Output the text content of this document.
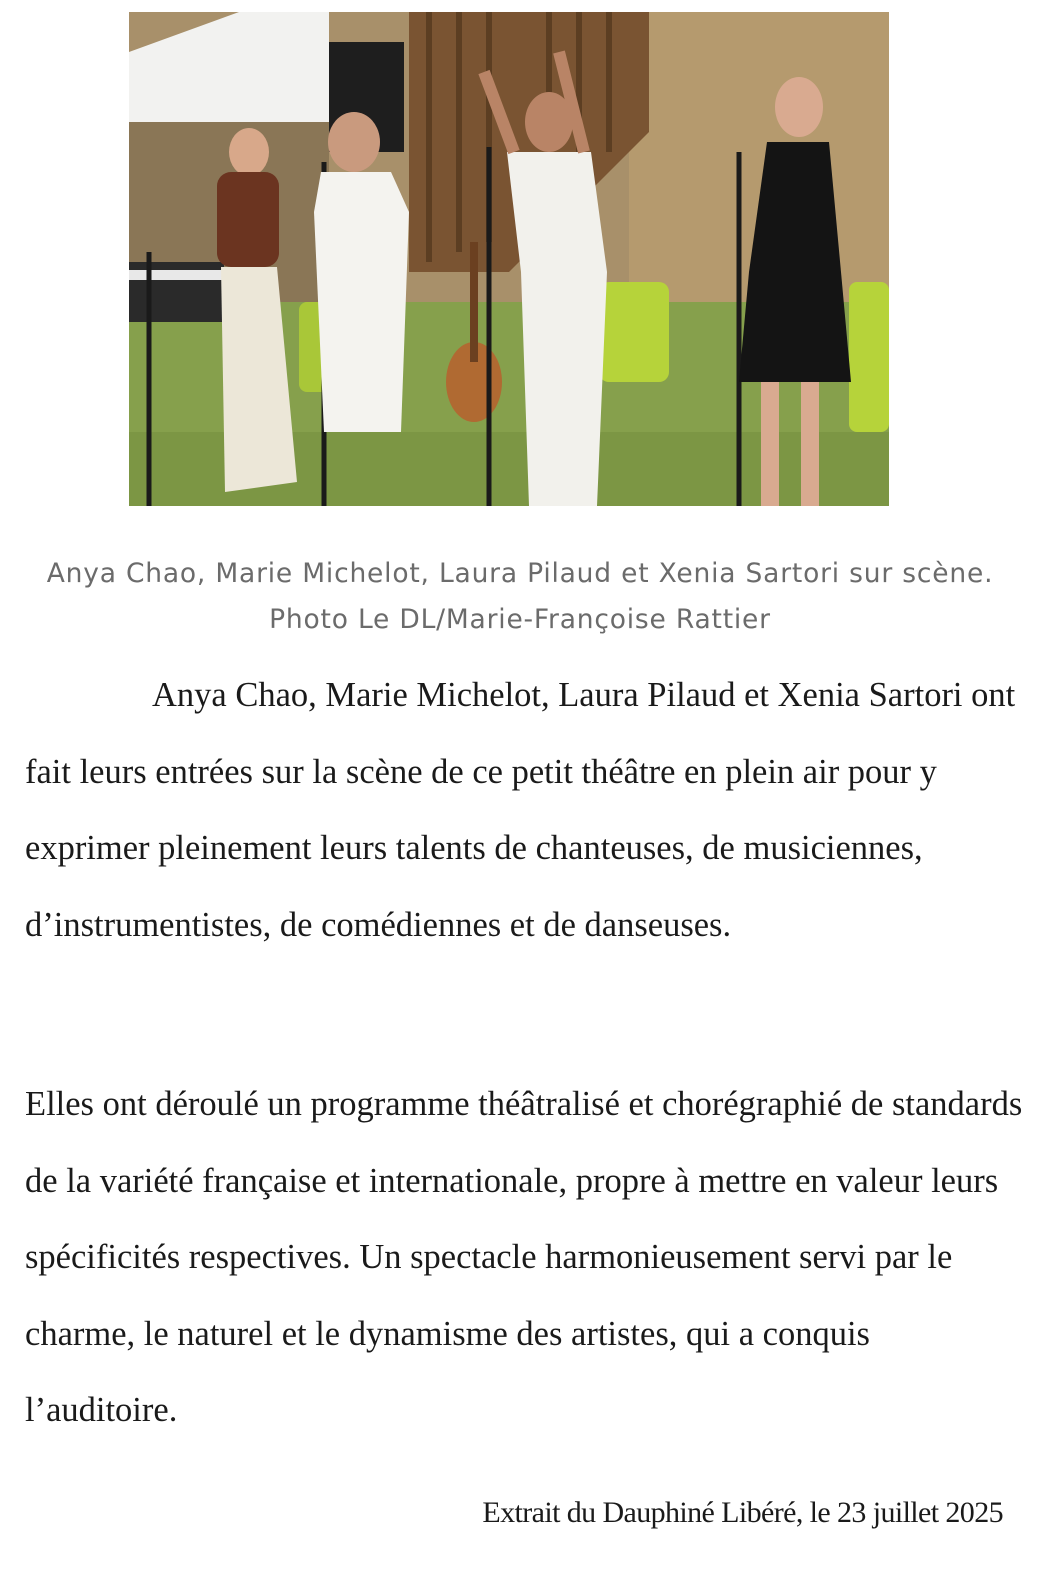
Anya Chao, Marie Michelot, Laura Pilaud et Xenia Sartori sur scène. Photo Le DL/Marie-Françoise Rattier

Anya Chao, Marie Michelot, Laura Pilaud et Xenia Sartori ont fait leurs entrées sur la scène de ce petit théâtre en plein air pour y exprimer pleinement leurs talents de chanteuses, de musiciennes, d’instrumentistes, de comédiennes et de danseuses.

Elles ont déroulé un programme théâtralisé et chorégraphié de standards de la variété française et internationale, propre à mettre en valeur leurs spécificités respectives. Un spectacle harmonieusement servi par le charme, le naturel et le dynamisme des artistes, qui a conquis l’auditoire.

Extrait du Dauphiné Libéré, le 23 juillet 2025
